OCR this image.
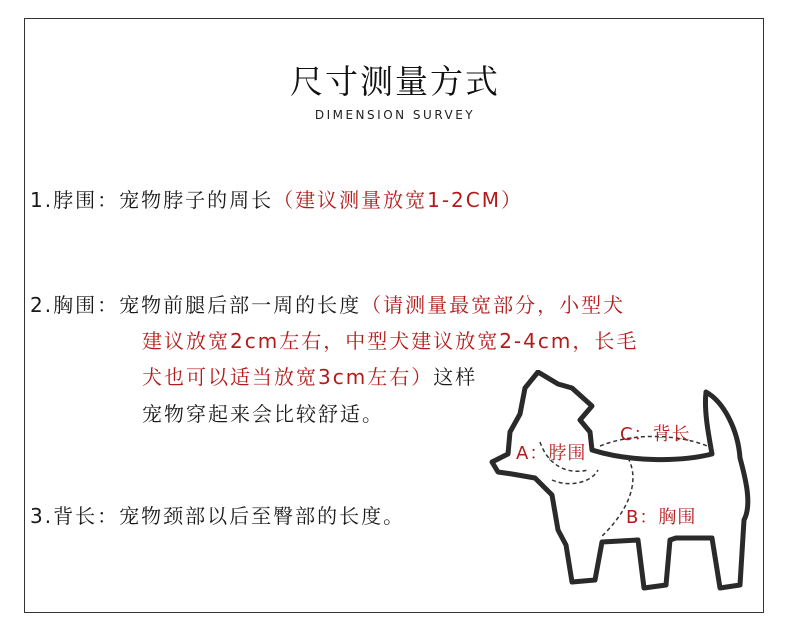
尺寸测量方式
DIMENSION SURVEY
1.脖围：宠物脖子的周长（建议测量放宽1-2CM）
2.胸围：宠物前腿后部一周的长度（请测量最宽部分，小型犬
建议放宽2cm左右，中型犬建议放宽2-4cm，长毛
犬也可以适当放宽3cm左右）这样
宠物穿起来会比较舒适。
3.背长：宠物颈部以后至臀部的长度。
A：脖围
B：胸围
C：背长
